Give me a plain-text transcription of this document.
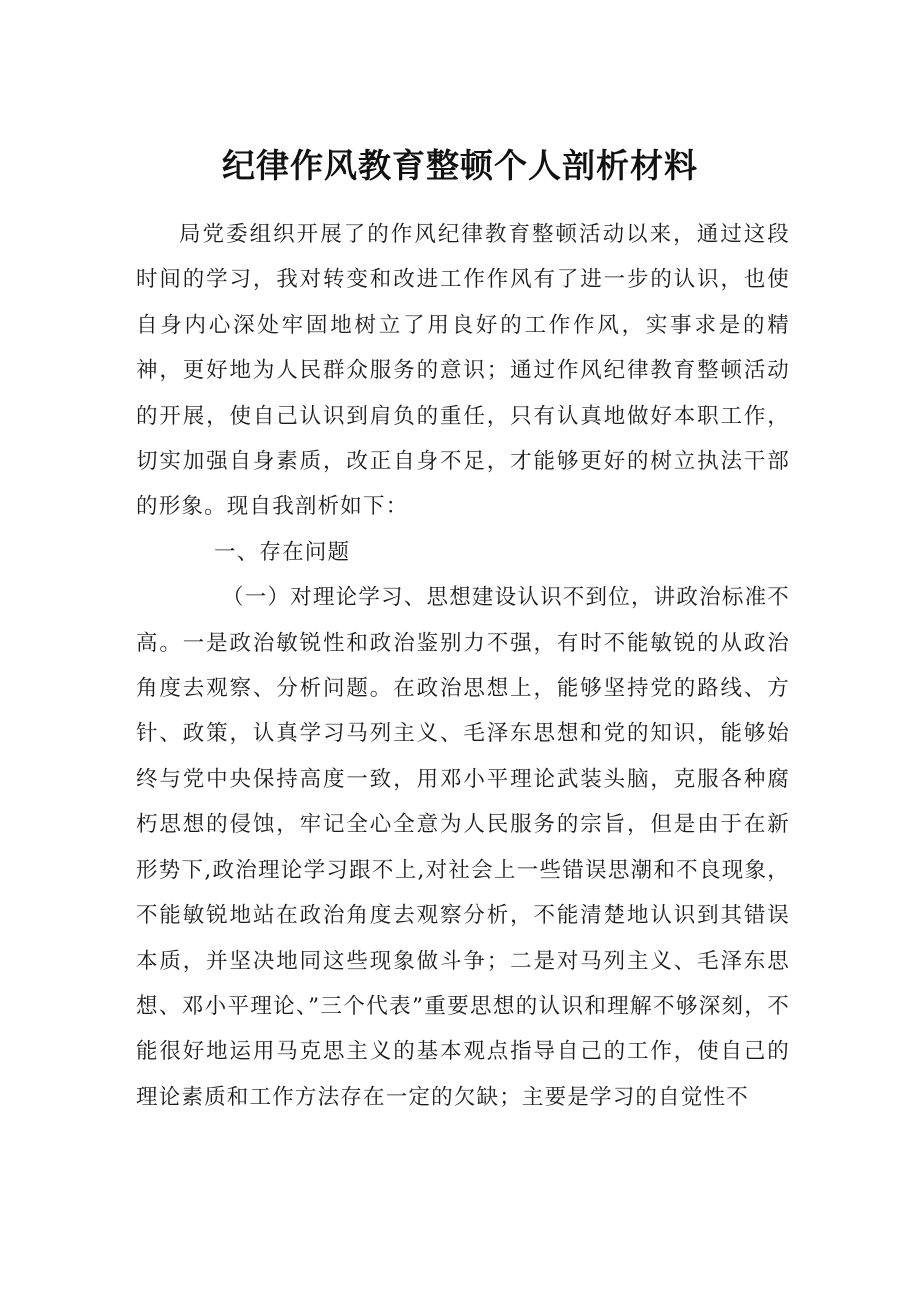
纪律作风教育整顿个人剖析材料

局党委组织开展了的作风纪律教育整顿活动以来，通过这段时间的学习，我对转变和改进工作作风有了进一步的认识，也使自身内心深处牢固地树立了用良好的工作作风，实事求是的精神，更好地为人民群众服务的意识；通过作风纪律教育整顿活动的开展，使自己认识到肩负的重任，只有认真地做好本职工作，切实加强自身素质，改正自身不足，才能够更好的树立执法干部的形象。现自我剖析如下：

一、存在问题

（一）对理论学习、思想建设认识不到位，讲政治标准不高。一是政治敏锐性和政治鉴别力不强，有时不能敏锐的从政治角度去观察、分析问题。在政治思想上，能够坚持党的路线、方针、政策，认真学习马列主义、毛泽东思想和党的知识，能够始终与党中央保持高度一致，用邓小平理论武装头脑，克服各种腐朽思想的侵蚀，牢记全心全意为人民服务的宗旨，但是由于在新形势下,政治理论学习跟不上,对社会上一些错误思潮和不良现象，不能敏锐地站在政治角度去观察分析，不能清楚地认识到其错误本质，并坚决地同这些现象做斗争；二是对马列主义、毛泽东思想、邓小平理论、”三个代表”重要思想的认识和理解不够深刻，不能很好地运用马克思主义的基本观点指导自己的工作，使自己的理论素质和工作方法存在一定的欠缺；主要是学习的自觉性不
